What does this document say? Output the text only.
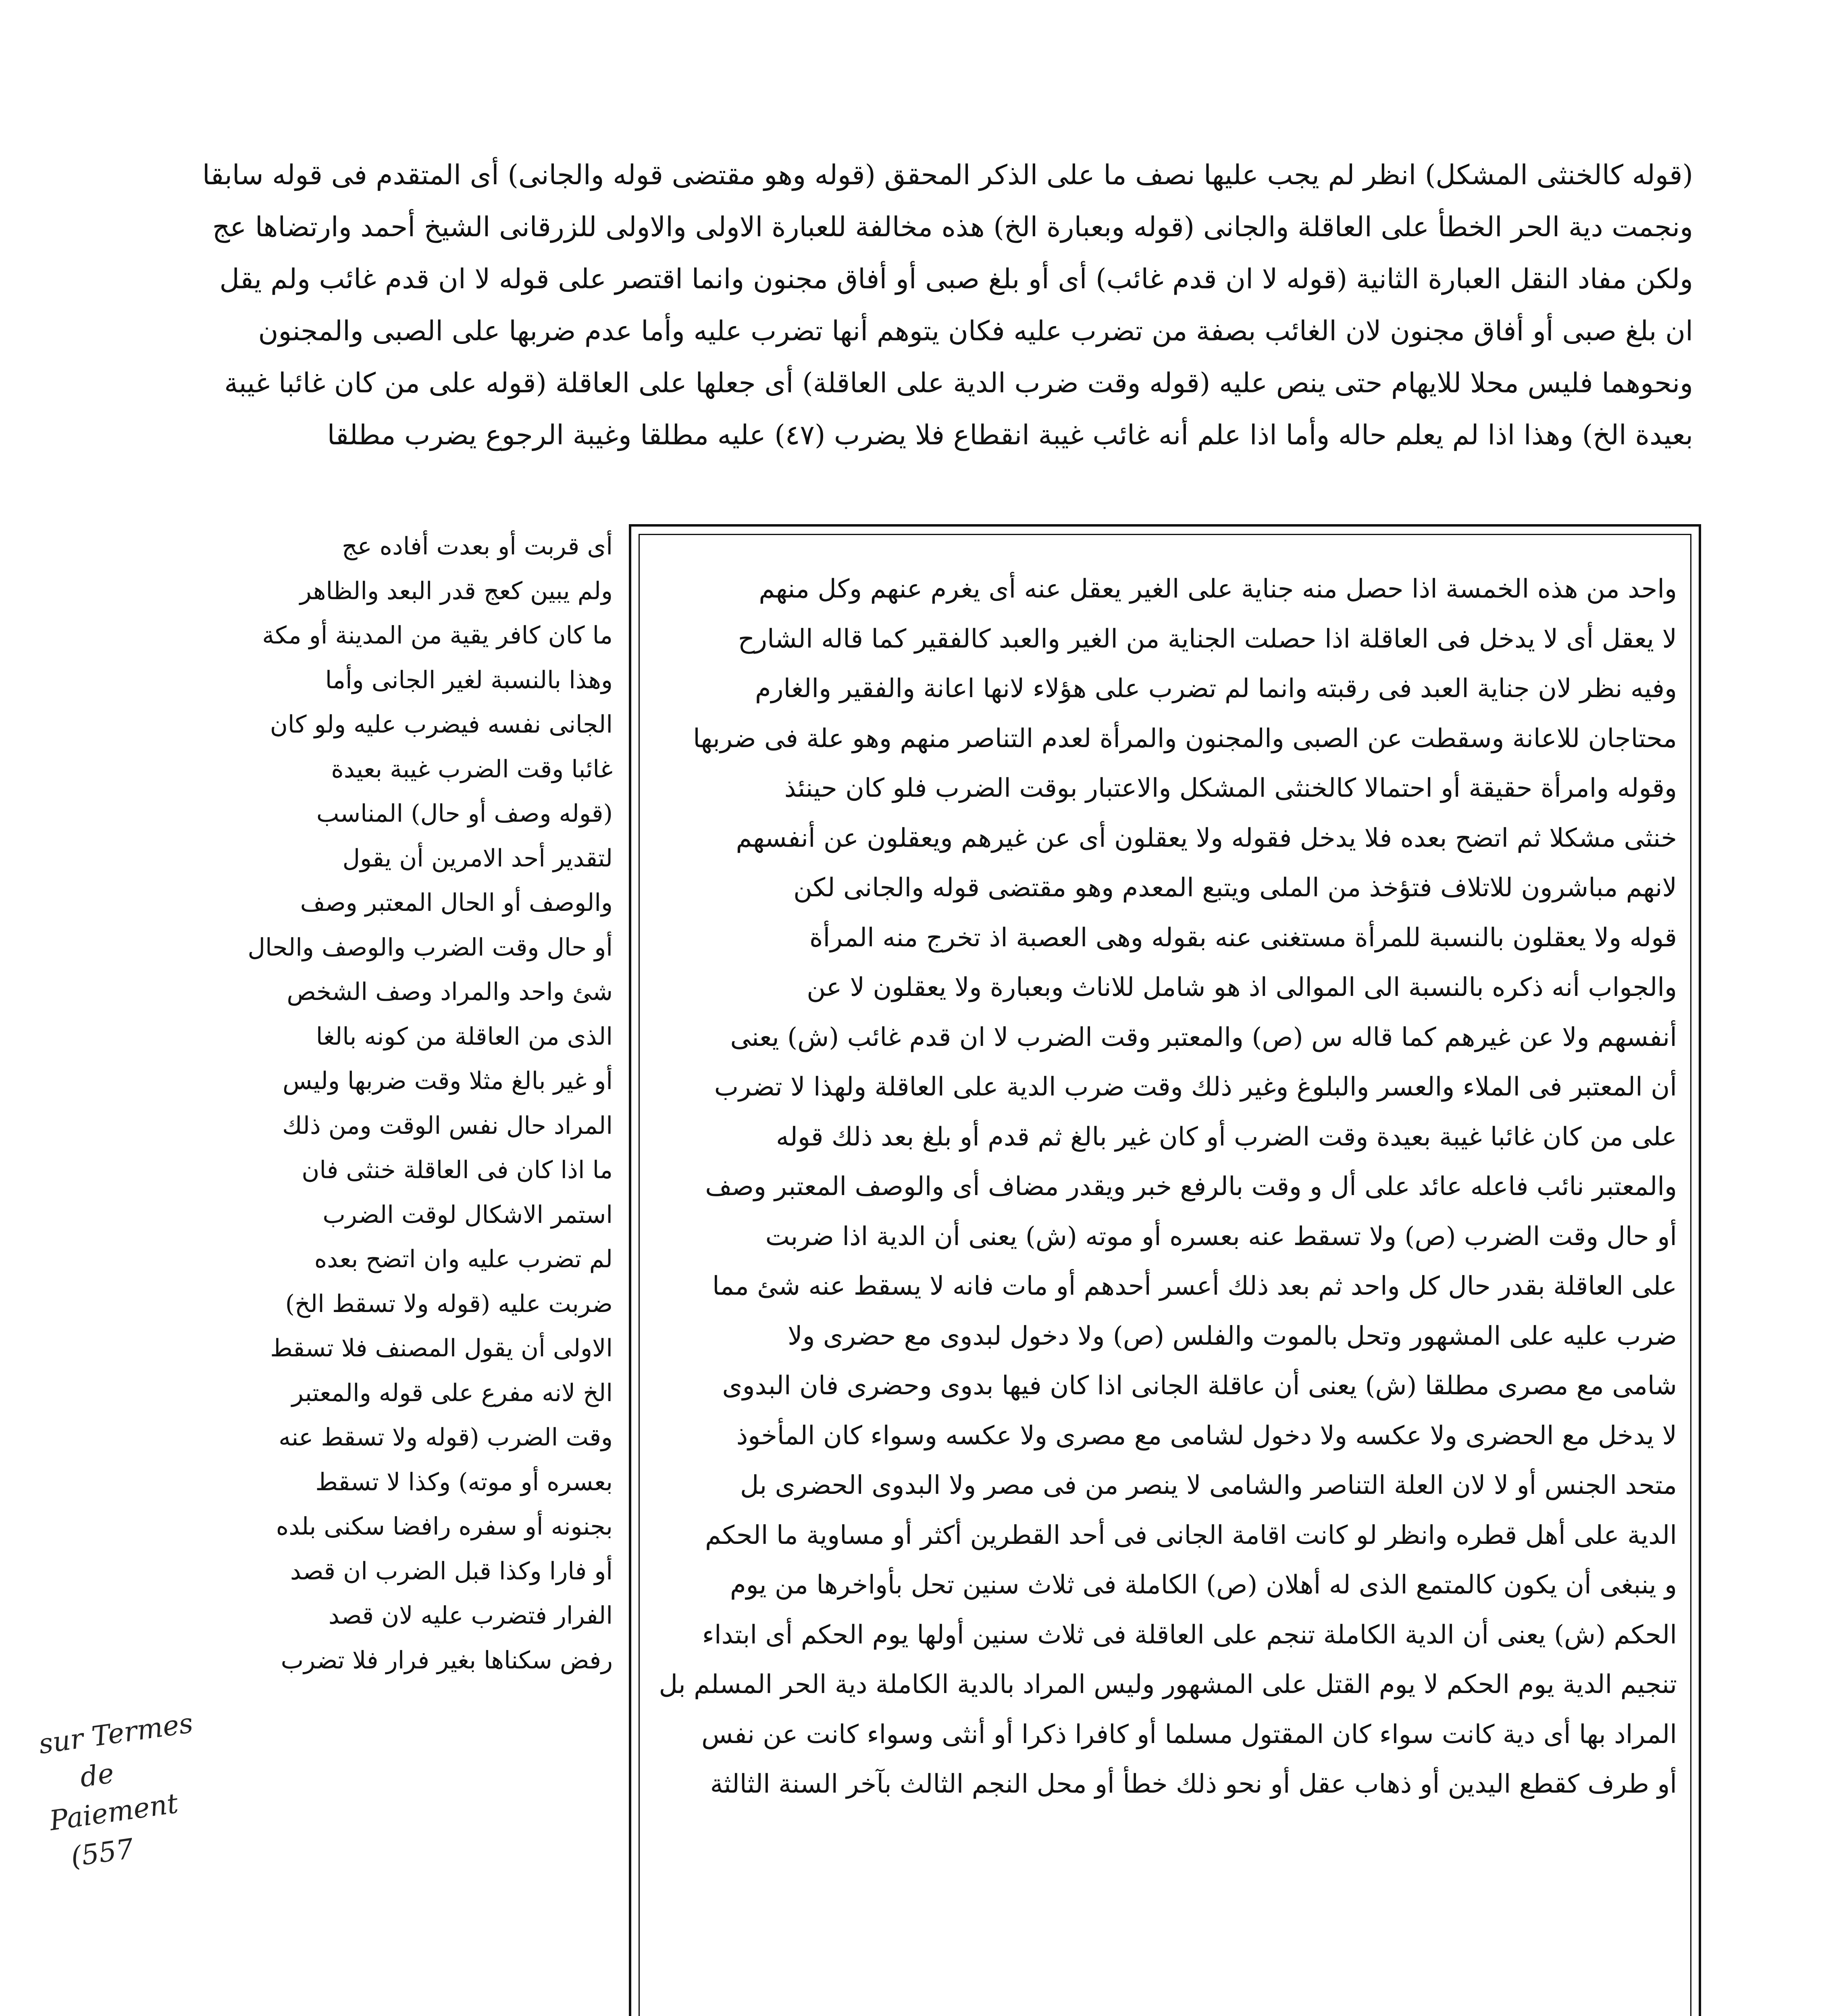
(قوله كالخنثى المشكل) انظر لم يجب عليها نصف ما على الذكر المحقق (قوله وهو مقتضى قوله والجانى) أى المتقدم فى قوله سابقا
ونجمت دية الحر الخطأ على العاقلة والجانى (قوله وبعبارة الخ) هذه مخالفة للعبارة الاولى والاولى للزرقانى الشيخ أحمد وارتضاها عج
ولكن مفاد النقل العبارة الثانية (قوله لا ان قدم غائب) أى أو بلغ صبى أو أفاق مجنون وانما اقتصر على قوله لا ان قدم غائب ولم يقل
ان بلغ صبى أو أفاق مجنون لان الغائب بصفة من تضرب عليه فكان يتوهم أنها تضرب عليه وأما عدم ضربها على الصبى والمجنون
ونحوهما فليس محلا للايهام حتى ينص عليه (قوله وقت ضرب الدية على العاقلة) أى جعلها على العاقلة (قوله على من كان غائبا غيبة
بعيدة الخ) وهذا اذا لم يعلم حاله وأما اذا علم أنه غائب غيبة انقطاع فلا يضرب (٤٧) عليه مطلقا وغيبة الرجوع يضرب مطلقا
واحد من هذه الخمسة اذا حصل منه جناية على الغير يعقل عنه أى يغرم عنهم وكل منهم
لا يعقل أى لا يدخل فى العاقلة اذا حصلت الجناية من الغير والعبد كالفقير كما قاله الشارح
وفيه نظر لان جناية العبد فى رقبته وانما لم تضرب على هؤلاء لانها اعانة والفقير والغارم
محتاجان للاعانة وسقطت عن الصبى والمجنون والمرأة لعدم التناصر منهم وهو علة فى ضربها
وقوله وامرأة حقيقة أو احتمالا كالخنثى المشكل والاعتبار بوقت الضرب فلو كان حينئذ
خنثى مشكلا ثم اتضح بعده فلا يدخل فقوله ولا يعقلون أى عن غيرهم ويعقلون عن أنفسهم
لانهم مباشرون للاتلاف فتؤخذ من الملى ويتبع المعدم وهو مقتضى قوله والجانى لكن
قوله ولا يعقلون بالنسبة للمرأة مستغنى عنه بقوله وهى العصبة اذ تخرج منه المرأة
والجواب أنه ذكره بالنسبة الى الموالى اذ هو شامل للاناث وبعبارة ولا يعقلون لا عن
أنفسهم ولا عن غيرهم كما قاله س (ص) والمعتبر وقت الضرب لا ان قدم غائب (ش) يعنى
أن المعتبر فى الملاء والعسر والبلوغ وغير ذلك وقت ضرب الدية على العاقلة ولهذا لا تضرب
على من كان غائبا غيبة بعيدة وقت الضرب أو كان غير بالغ ثم قدم أو بلغ بعد ذلك قوله
والمعتبر نائب فاعله عائد على أل و وقت بالرفع خبر ويقدر مضاف أى والوصف المعتبر وصف
أو حال وقت الضرب (ص) ولا تسقط عنه بعسره أو موته (ش) يعنى أن الدية اذا ضربت
على العاقلة بقدر حال كل واحد ثم بعد ذلك أعسر أحدهم أو مات فانه لا يسقط عنه شئ مما
ضرب عليه على المشهور وتحل بالموت والفلس (ص) ولا دخول لبدوى مع حضرى ولا
شامى مع مصرى مطلقا (ش) يعنى أن عاقلة الجانى اذا كان فيها بدوى وحضرى فان البدوى
لا يدخل مع الحضرى ولا عكسه ولا دخول لشامى مع مصرى ولا عكسه وسواء كان المأخوذ
متحد الجنس أو لا لان العلة التناصر والشامى لا ينصر من فى مصر ولا البدوى الحضرى بل
الدية على أهل قطره وانظر لو كانت اقامة الجانى فى أحد القطرين أكثر أو مساوية ما الحكم
و ينبغى أن يكون كالمتمع الذى له أهلان (ص) الكاملة فى ثلاث سنين تحل بأواخرها من يوم
الحكم (ش) يعنى أن الدية الكاملة تنجم على العاقلة فى ثلاث سنين أولها يوم الحكم أى ابتداء
تنجيم الدية يوم الحكم لا يوم القتل على المشهور وليس المراد بالدية الكاملة دية الحر المسلم بل
المراد بها أى دية كانت سواء كان المقتول مسلما أو كافرا ذكرا أو أنثى وسواء كانت عن نفس
أو طرف كقطع اليدين أو ذهاب عقل أو نحو ذلك خطأ أو محل النجم الثالث بآخر السنة الثالثة
أى قربت أو بعدت أفاده عج
ولم يبين كعج قدر البعد والظاهر
ما كان كافر يقية من المدينة أو مكة
وهذا بالنسبة لغير الجانى وأما
الجانى نفسه فيضرب عليه ولو كان
غائبا وقت الضرب غيبة بعيدة
(قوله وصف أو حال) المناسب
لتقدير أحد الامرين أن يقول
والوصف أو الحال المعتبر وصف
أو حال وقت الضرب والوصف والحال
شئ واحد والمراد وصف الشخص
الذى من العاقلة من كونه بالغا
أو غير بالغ مثلا وقت ضربها وليس
المراد حال نفس الوقت ومن ذلك
ما اذا كان فى العاقلة خنثى فان
استمر الاشكال لوقت الضرب
لم تضرب عليه وان اتضح بعده
ضربت عليه (قوله ولا تسقط الخ)
الاولى أن يقول المصنف فلا تسقط
الخ لانه مفرع على قوله والمعتبر
وقت الضرب (قوله ولا تسقط عنه
بعسره أو موته) وكذا لا تسقط
بجنونه أو سفره رافضا سكنى بلده
أو فارا وكذا قبل الضرب ان قصد
الفرار فتضرب عليه لان قصد
رفض سكناها بغير فرار فلا تضرب
sur Termes
de
Paiement
(557
